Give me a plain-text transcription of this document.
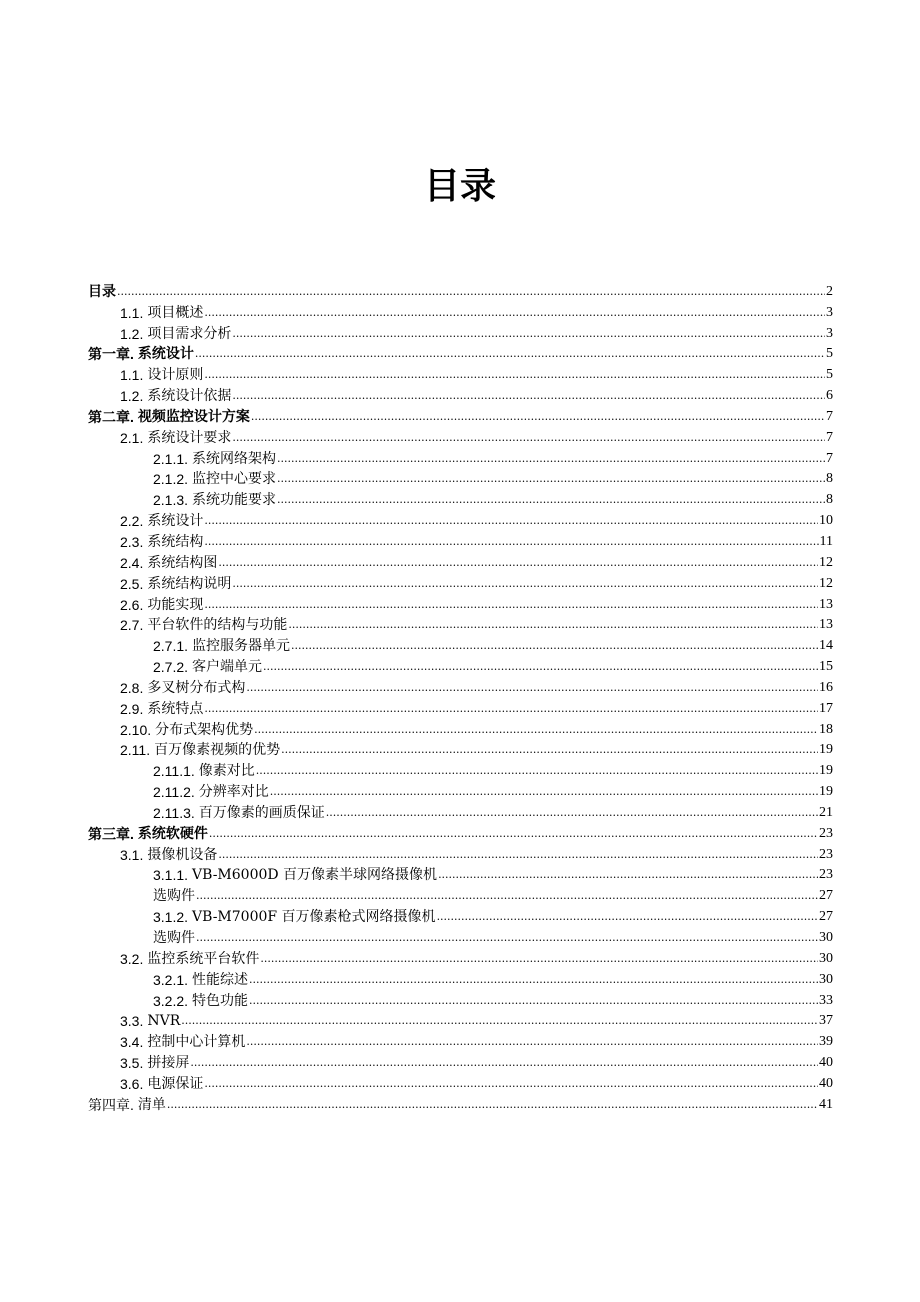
目录
目录 .....	2
1.1. 项目概述 .....	3
1.2. 项目需求分析 .....	3
第一章. 系统设计 .....	5
1.1. 设计原则 .....	5
1.2. 系统设计依据 .....	6
第二章. 视频监控设计方案 .....	7
2.1. 系统设计要求 .....	7
2.1.1. 系统网络架构 .....	7
2.1.2. 监控中心要求 .....	8
2.1.3. 系统功能要求 .....	8
2.2. 系统设计 .....	10
2.3. 系统结构 .....	11
2.4. 系统结构图 .....	12
2.5. 系统结构说明 .....	12
2.6. 功能实现 .....	13
2.7. 平台软件的结构与功能 .....	13
2.7.1. 监控服务器单元 .....	14
2.7.2. 客户端单元 .....	15
2.8. 多叉树分布式构 .....	16
2.9. 系统特点 .....	17
2.10. 分布式架构优势 .....	18
2.11. 百万像素视频的优势 .....	19
2.11.1. 像素对比 .....	19
2.11.2. 分辨率对比 .....	19
2.11.3. 百万像素的画质保证 .....	21
第三章. 系统软硬件 .....	23
3.1. 摄像机设备 .....	23
3.1.1. VB-M6000D 百万像素半球网络摄像机 .....	23
选购件 .....	27
3.1.2. VB-M7000F 百万像素枪式网络摄像机 .....	27
选购件 .....	30
3.2. 监控系统平台软件 .....	30
3.2.1. 性能综述 .....	30
3.2.2. 特色功能 .....	33
3.3. NVR .....	37
3.4. 控制中心计算机 .....	39
3.5. 拼接屏 .....	40
3.6. 电源保证 .....	40
第四章. 清单 .....	41
